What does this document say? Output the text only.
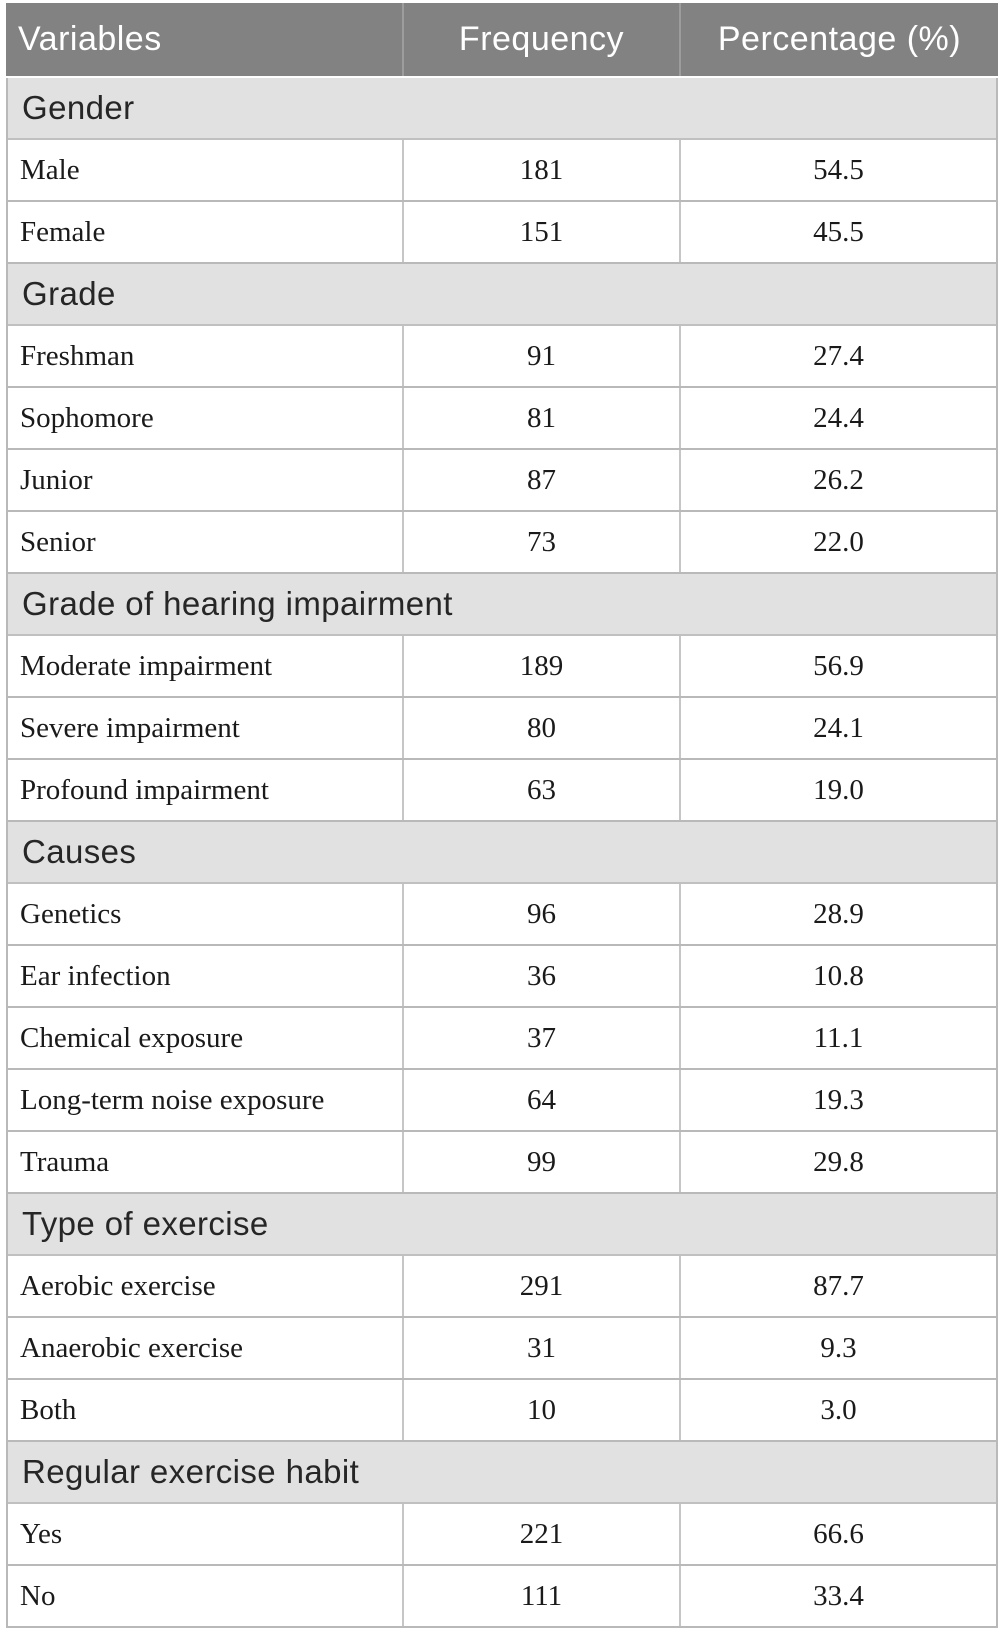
Variables	Frequency	Percentage (%)
Gender
Male	181	54.5
Female	151	45.5
Grade
Freshman	91	27.4
Sophomore	81	24.4
Junior	87	26.2
Senior	73	22.0
Grade of hearing impairment
Moderate impairment	189	56.9
Severe impairment	80	24.1
Profound impairment	63	19.0
Causes
Genetics	96	28.9
Ear infection	36	10.8
Chemical exposure	37	11.1
Long-term noise exposure	64	19.3
Trauma	99	29.8
Type of exercise
Aerobic exercise	291	87.7
Anaerobic exercise	31	9.3
Both	10	3.0
Regular exercise habit
Yes	221	66.6
No	111	33.4
